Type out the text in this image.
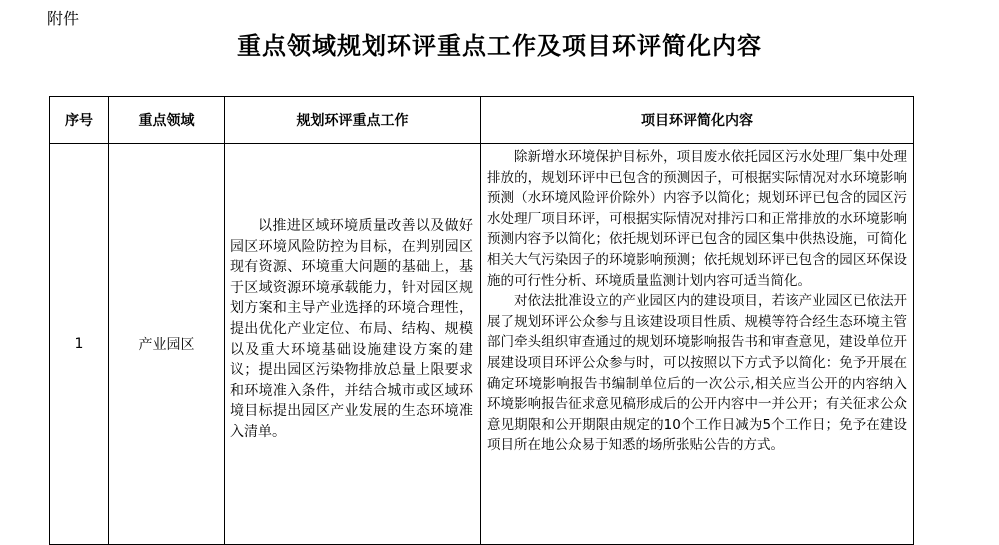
附件
重点领域规划环评重点工作及项目环评简化内容
序号	重点领域	规划环评重点工作	项目环评简化内容
1	产业园区	以推进区域环境质量改善以及做好园区环境风险防控为目标，在判别园区现有资源、环境重大问题的基础上，基于区域资源环境承载能力，针对园区规划方案和主导产业选择的环境合理性，提出优化产业定位、布局、结构、规模以及重大环境基础设施建设方案的建议；提出园区污染物排放总量上限要求和环境准入条件，并结合城市或区域环境目标提出园区产业发展的生态环境准入清单。	除新增水环境保护目标外，项目废水依托园区污水处理厂集中处理排放的，规划环评中已包含的预测因子，可根据实际情况对水环境影响预测（水环境风险评价除外）内容予以简化；规划环评已包含的园区污水处理厂项目环评，可根据实际情况对排污口和正常排放的水环境影响预测内容予以简化；依托规划环评已包含的园区集中供热设施，可简化相关大气污染因子的环境影响预测；依托规划环评已包含的园区环保设施的可行性分析、环境质量监测计划内容可适当简化。

对依法批准设立的产业园区内的建设项目，若该产业园区已依法开展了规划环评公众参与且该建设项目性质、规模等符合经生态环境主管部门牵头组织审查通过的规划环境影响报告书和审查意见，建设单位开展建设项目环评公众参与时，可以按照以下方式予以简化：免予开展在确定环境影响报告书编制单位后的一次公示,相关应当公开的内容纳入环境影响报告征求意见稿形成后的公开内容中一并公开；有关征求公众意见期限和公开期限由规定的10个工作日减为5个工作日；免予在建设项目所在地公众易于知悉的场所张贴公告的方式。
